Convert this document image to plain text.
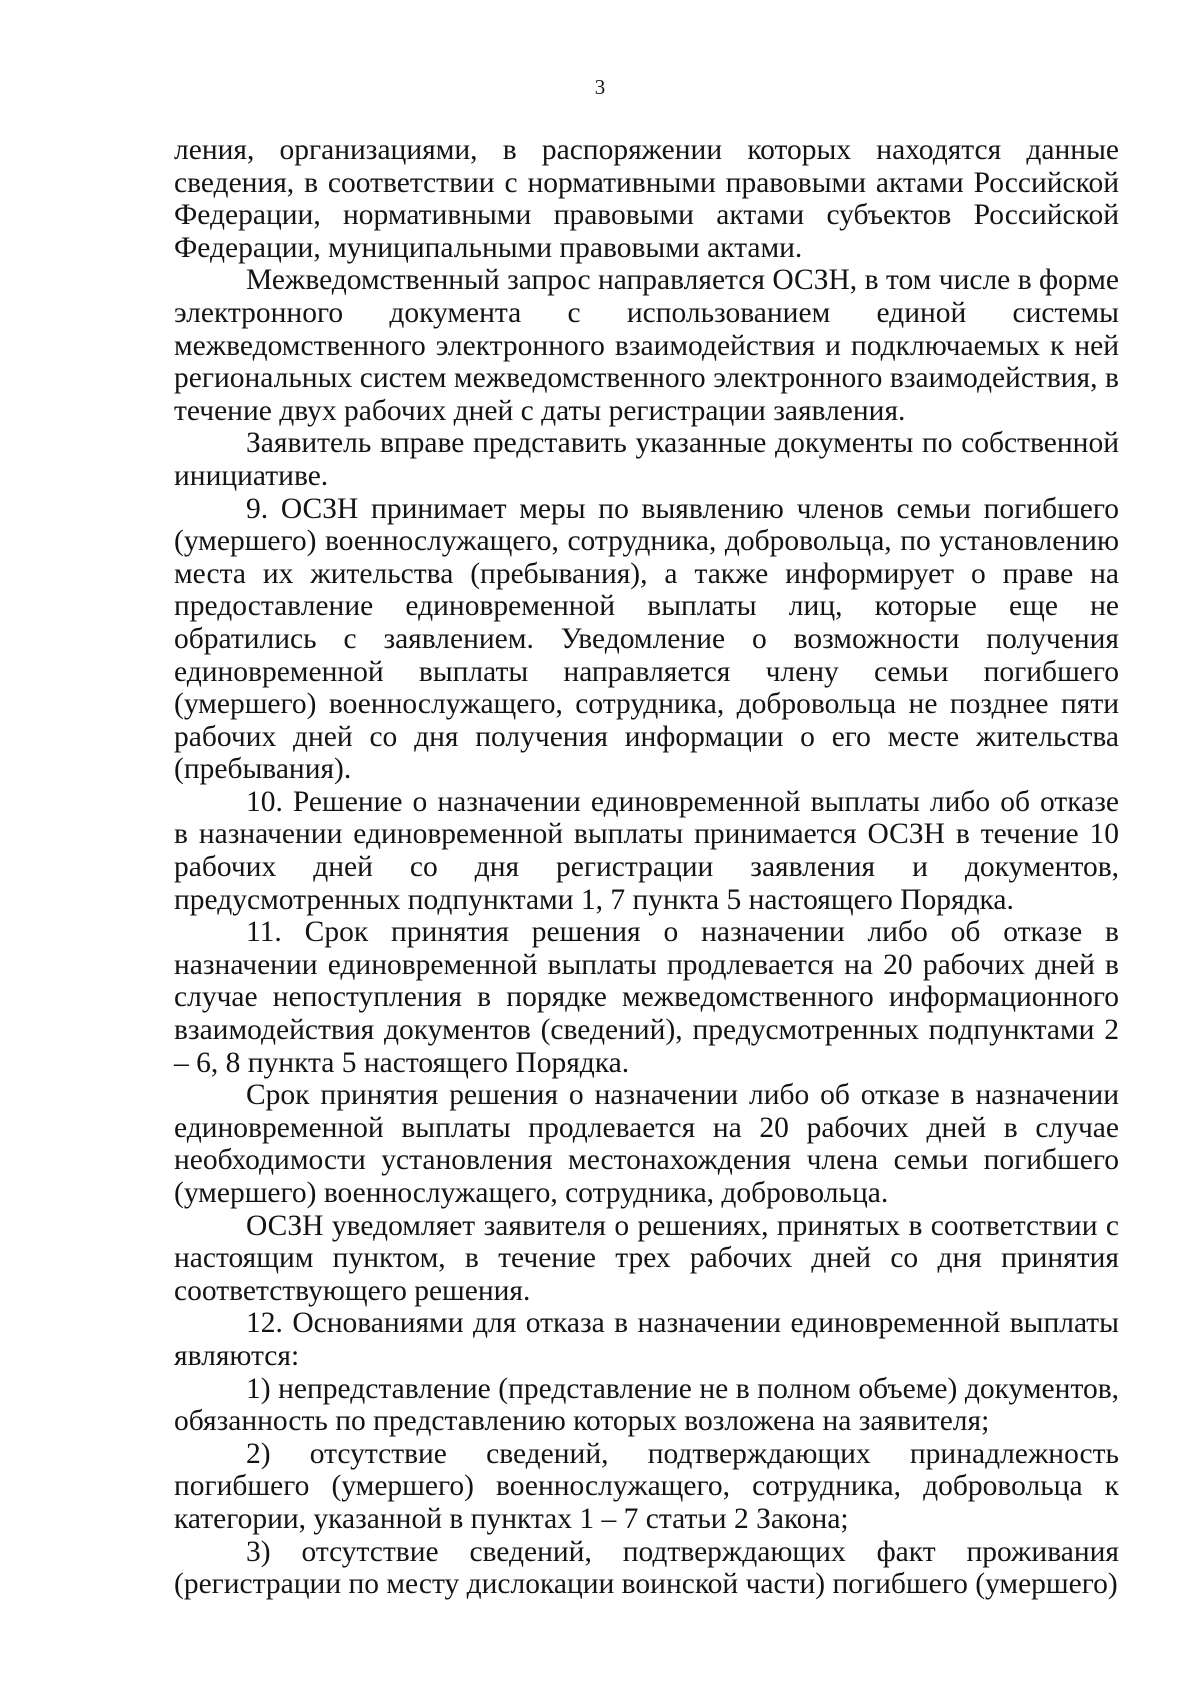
3

ления, организациями, в распоряжении которых находятся данные сведения, в соответствии с нормативными правовыми актами Российской Федерации, нормативными правовыми актами субъектов Российской Федерации, муниципальными правовыми актами.

Межведомственный запрос направляется ОСЗН, в том числе в форме электронного документа с использованием единой системы межведомственного электронного взаимодействия и подключаемых к ней региональных систем межведомственного электронного взаимодействия, в течение двух рабочих дней с даты регистрации заявления.

Заявитель вправе представить указанные документы по собственной инициативе.

9. ОСЗН принимает меры по выявлению членов семьи погибшего (умершего) военнослужащего, сотрудника, добровольца, по установлению места их жительства (пребывания), а также информирует о праве на предоставление единовременной выплаты лиц, которые еще не обратились с заявлением. Уведомление о возможности получения единовременной выплаты направляется члену семьи погибшего (умершего) военнослужащего, сотрудника, добровольца не позднее пяти рабочих дней со дня получения информации о его месте жительства (пребывания).

10. Решение о назначении единовременной выплаты либо об отказе в назначении единовременной выплаты принимается ОСЗН в течение 10 рабочих дней со дня регистрации заявления и документов, предусмотренных подпунктами 1, 7 пункта 5 настоящего Порядка.

11. Срок принятия решения о назначении либо об отказе в назначении единовременной выплаты продлевается на 20 рабочих дней в случае непоступления в порядке межведомственного информационного взаимодействия документов (сведений), предусмотренных подпунктами 2 – 6, 8 пункта 5 настоящего Порядка.

Срок принятия решения о назначении либо об отказе в назначении единовременной выплаты продлевается на 20 рабочих дней в случае необходимости установления местонахождения члена семьи погибшего (умершего) военнослужащего, сотрудника, добровольца.

ОСЗН уведомляет заявителя о решениях, принятых в соответствии с настоящим пунктом, в течение трех рабочих дней со дня принятия соответствующего решения.

12. Основаниями для отказа в назначении единовременной выплаты являются:

1) непредставление (представление не в полном объеме) документов, обязанность по представлению которых возложена на заявителя;

2) отсутствие сведений, подтверждающих принадлежность погибшего (умершего) военнослужащего, сотрудника, добровольца к категории, указанной в пунктах 1 – 7 статьи 2 Закона;

3) отсутствие сведений, подтверждающих факт проживания (регистрации по месту дислокации воинской части) погибшего (умершего)
